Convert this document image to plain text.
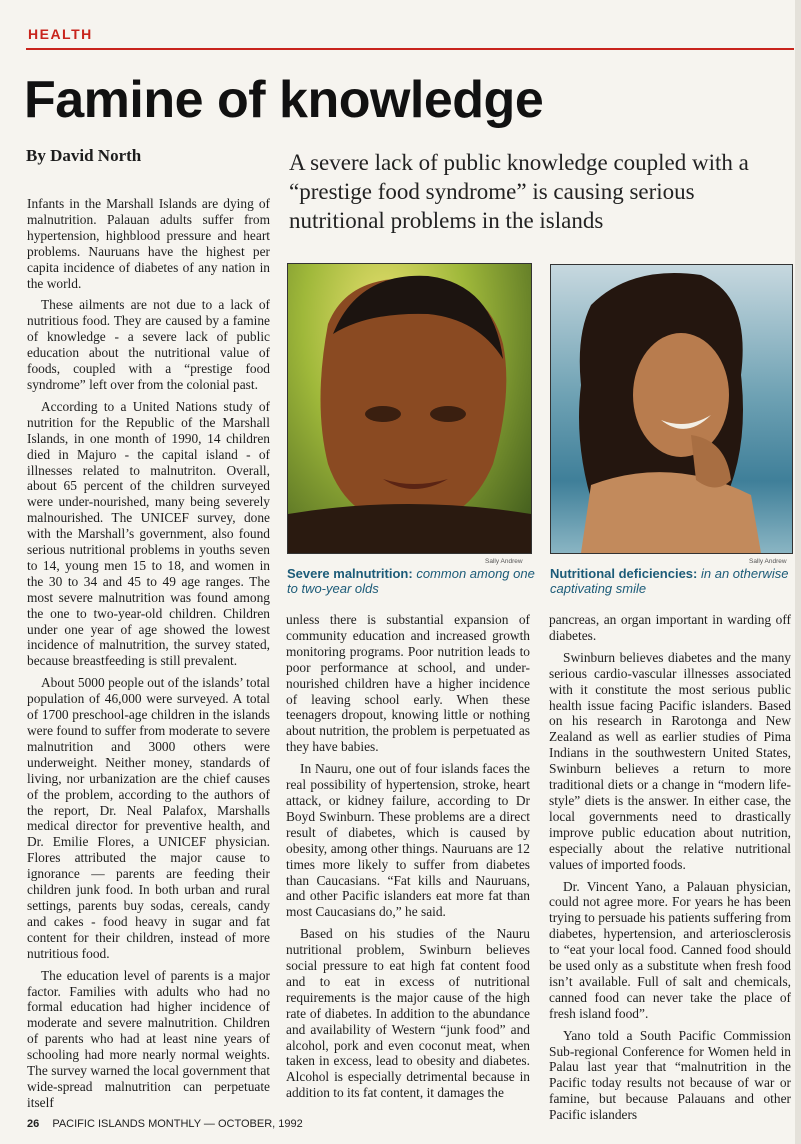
HEALTH
Famine of knowledge
By David North	A severe lack of public knowledge coupled with a “prestige food syndrome” is causing serious nutritional problems in the islands

Infants in the Marshall Islands are dying of malnutrition. Palauan adults suffer from hypertension, highblood pressure and heart problems. Nauruans have the highest per capita incidence of diabetes of any nation in the world.

These ailments are not due to a lack of nutritious food. They are caused by a famine of knowledge - a severe lack of public education about the nutritional value of foods, coupled with a “prestige food syndrome” left over from the colonial past.

According to a United Nations study of nutrition for the Republic of the Marshall Islands, in one month of 1990, 14 children died in Majuro - the capital island - of illnesses related to malnutriton. Overall, about 65 percent of the children surveyed were under-nourished, many being severely malnourished. The UNICEF survey, done with the Marshall’s government, also found serious nutritional problems in youths seven to 14, young men 15 to 18, and women in the 30 to 34 and 45 to 49 age ranges. The most severe malnutrition was found among the one to two-year-old children. Children under one year of age showed the lowest incidence of malnutrition, the survey stated, because breastfeeding is still prevalent.

About 5000 people out of the islands’ total population of 46,000 were surveyed. A total of 1700 preschool-age children in the islands were found to suffer from moderate to severe malnutrition and 3000 others were underweight. Neither money, standards of living, nor urbanization are the chief causes of the problem, according to the authors of the report, Dr. Neal Palafox, Marshalls medical director for preventive health, and Dr. Emilie Flores, a UNICEF physician. Flores attributed the major cause to ignorance — parents are feeding their children junk food. In both urban and rural settings, parents buy sodas, cereals, candy and cakes - food heavy in sugar and fat content for their children, instead of more nutritious food.

The education level of parents is a major factor. Families with adults who had no formal education had higher incidence of moderate and severe malnutrition. Children of parents who had at least nine years of schooling had more nearly normal weights. The survey warned the local government that wide-spread malnutrition can perpetuate itself

Sally Andrew

Severe malnutrition: common among one to two-year olds

Sally Andrew

Nutritional deficiencies: in an otherwise captivating smile

unless there is substantial expansion of community education and increased growth monitoring programs. Poor nutrition leads to poor performance at school, and under-nourished children have a higher incidence of leaving school early. When these teenagers dropout, knowing little or nothing about nutrition, the problem is perpetuated as they have babies.

In Nauru, one out of four islands faces the real possibility of hypertension, stroke, heart attack, or kidney failure, according to Dr Boyd Swinburn. These problems are a direct result of diabetes, which is caused by obesity, among other things. Nauruans are 12 times more likely to suffer from diabetes than Caucasians. “Fat kills and Nauruans, and other Pacific islanders eat more fat than most Caucasians do,” he said.

Based on his studies of the Nauru nutritional problem, Swinburn believes social pressure to eat high fat content food and to eat in excess of nutritional requirements is the major cause of the high rate of diabetes. In addition to the abundance and availability of Western “junk food” and alcohol, pork and even coconut meat, when taken in excess, lead to obesity and diabetes. Alcohol is especially detrimental because in addition to its fat content, it damages the

pancreas, an organ important in warding off diabetes.

Swinburn believes diabetes and the many serious cardio-vascular illnesses associated with it constitute the most serious public health issue facing Pacific islanders. Based on his research in Rarotonga and New Zealand as well as earlier studies of Pima Indians in the southwestern United States, Swinburn believes a return to more traditional diets or a change in “modern life-style” diets is the answer. In either case, the local governments need to drastically improve public education about nutrition, especially about the relative nutritional values of imported foods.

Dr. Vincent Yano, a Palauan physician, could not agree more. For years he has been trying to persuade his patients suffering from diabetes, hypertension, and arteriosclerosis to “eat your local food. Canned food should be used only as a substitute when fresh food isn’t available. Full of salt and chemicals, canned food can never take the place of fresh island food”.

Yano told a South Pacific Commission Sub-regional Conference for Women held in Palau last year that “malnutrition in the Pacific today results not because of war or famine, but because Palauans and other Pacific islanders

26 PACIFIC ISLANDS MONTHLY — OCTOBER, 1992
